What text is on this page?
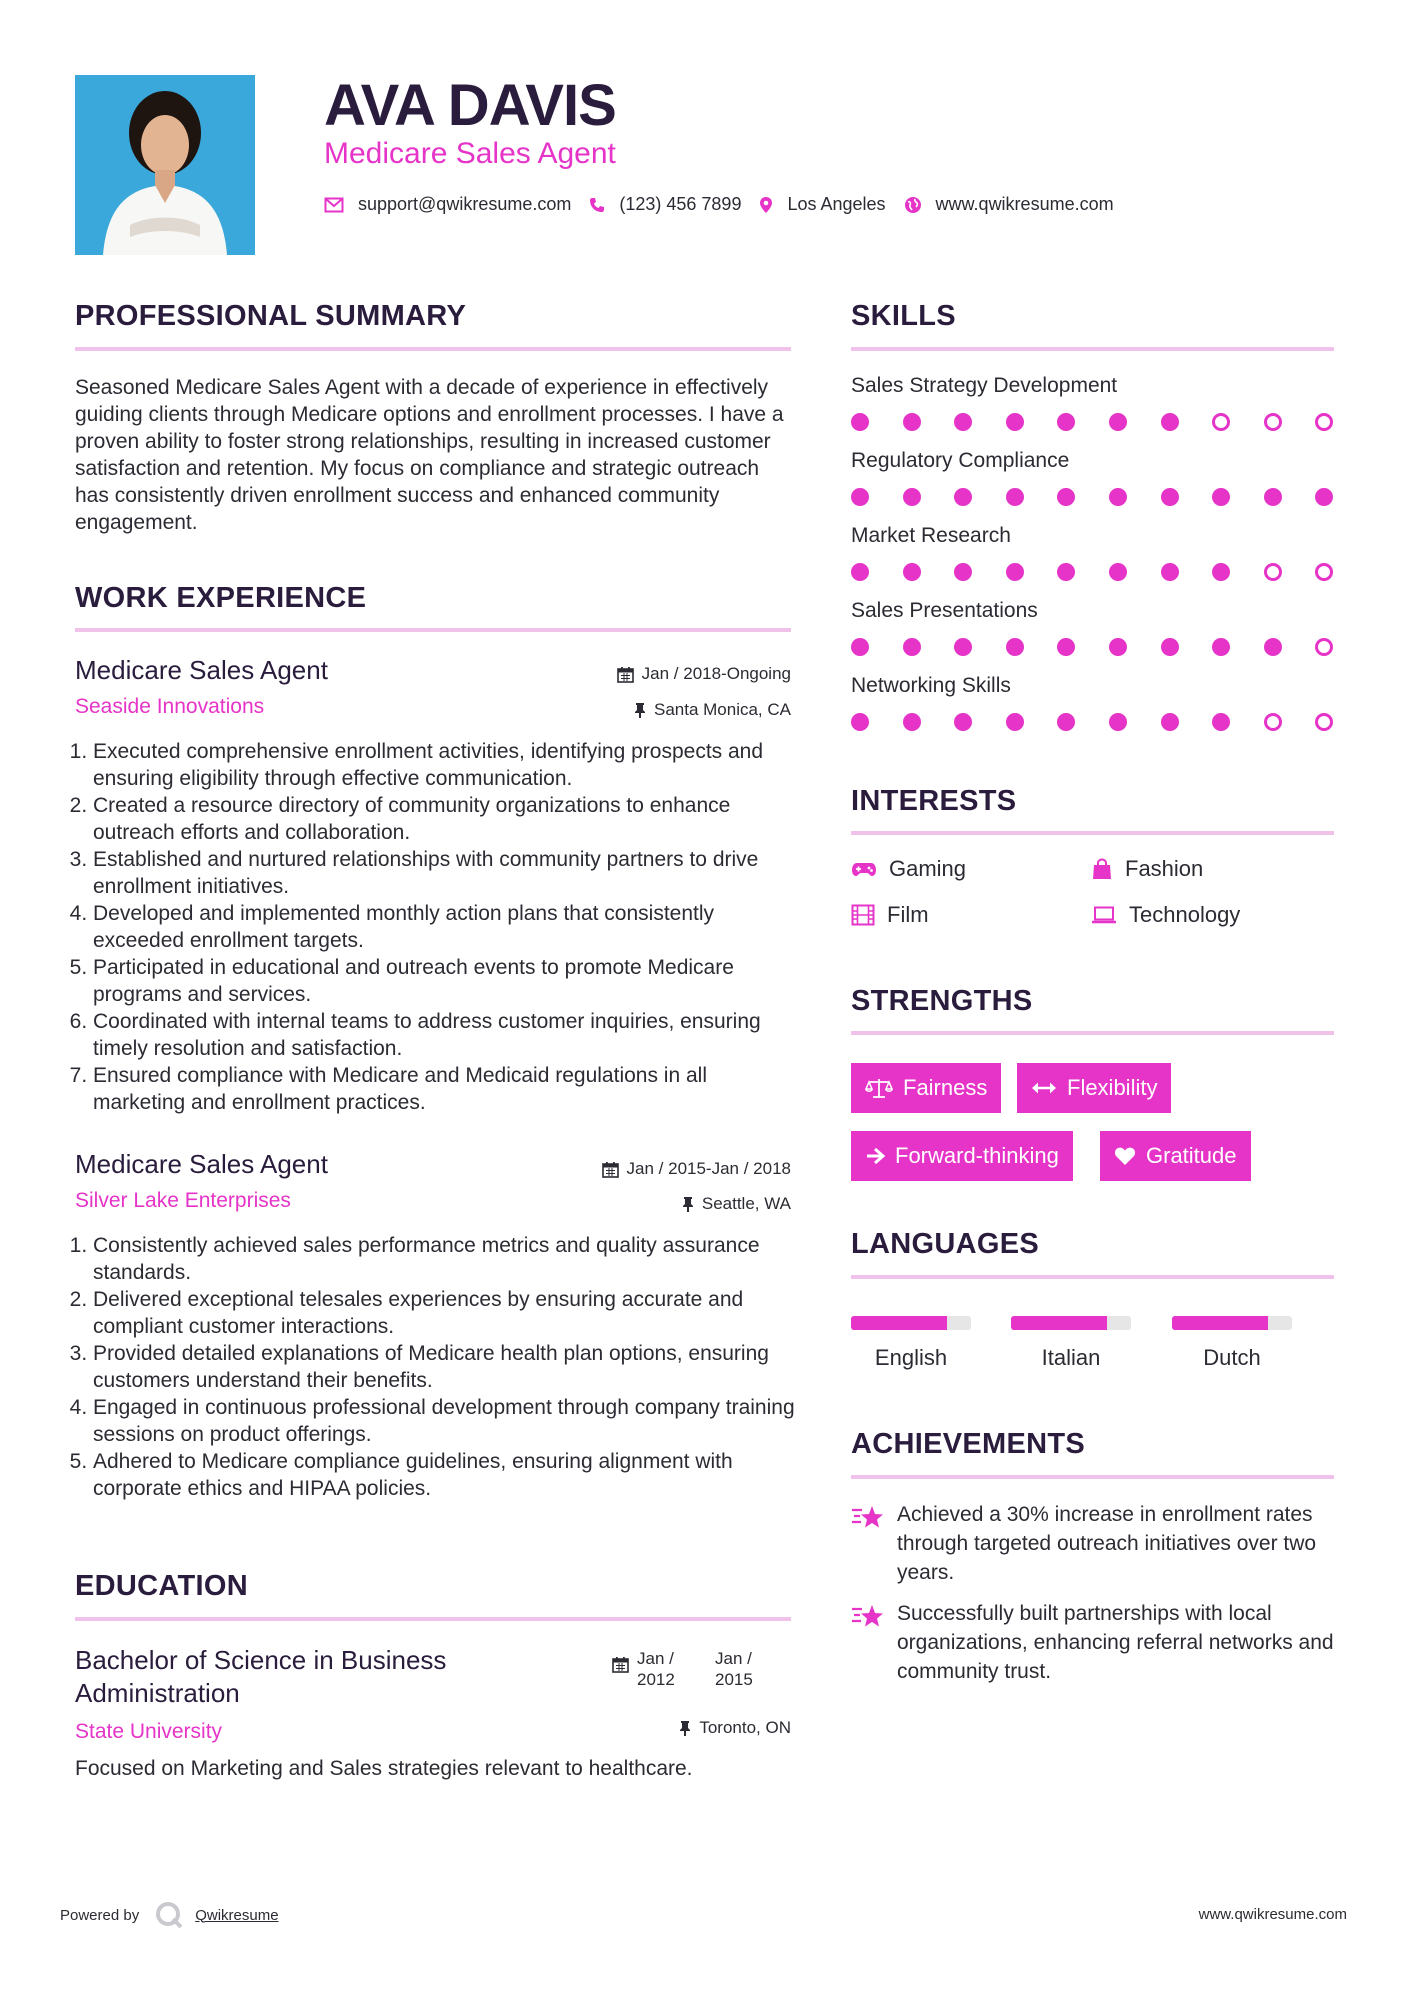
AVA DAVIS
Medicare Sales Agent
support@qwikresume.com	(123) 456 7899	Los Angeles	www.qwikresume.com
PROFESSIONAL SUMMARY
Seasoned Medicare Sales Agent with a decade of experience in effectively guiding clients through Medicare options and enrollment processes. I have a proven ability to foster strong relationships, resulting in increased customer satisfaction and retention. My focus on compliance and strategic outreach has consistently driven enrollment success and enhanced community engagement.
WORK EXPERIENCE
Medicare Sales Agent	Jan / 2018-Ongoing
Seaside Innovations	Santa Monica, CA
1. Executed comprehensive enrollment activities, identifying prospects and ensuring eligibility through effective communication.
2. Created a resource directory of community organizations to enhance outreach efforts and collaboration.
3. Established and nurtured relationships with community partners to drive enrollment initiatives.
4. Developed and implemented monthly action plans that consistently exceeded enrollment targets.
5. Participated in educational and outreach events to promote Medicare programs and services.
6. Coordinated with internal teams to address customer inquiries, ensuring timely resolution and satisfaction.
7. Ensured compliance with Medicare and Medicaid regulations in all marketing and enrollment practices.
Medicare Sales Agent	Jan / 2015-Jan / 2018
Silver Lake Enterprises	Seattle, WA
1. Consistently achieved sales performance metrics and quality assurance standards.
2. Delivered exceptional telesales experiences by ensuring accurate and compliant customer interactions.
3. Provided detailed explanations of Medicare health plan options, ensuring customers understand their benefits.
4. Engaged in continuous professional development through company training sessions on product offerings.
5. Adhered to Medicare compliance guidelines, ensuring alignment with corporate ethics and HIPAA policies.
EDUCATION
Bachelor of Science in Business Administration
Jan / 2012
Jan / 2015
State University	Toronto, ON
Focused on Marketing and Sales strategies relevant to healthcare.
SKILLS
Sales Strategy Development
Regulatory Compliance
Market Research
Sales Presentations
Networking Skills
INTERESTS
Gaming	Fashion
Film	Technology
STRENGTHS
Fairness	Flexibility
Forward-thinking	Gratitude
LANGUAGES
English	Italian	Dutch
ACHIEVEMENTS
Achieved a 30% increase in enrollment rates through targeted outreach initiatives over two years.
Successfully built partnerships with local organizations, enhancing referral networks and community trust.
Powered by	Qwikresume	www.qwikresume.com
